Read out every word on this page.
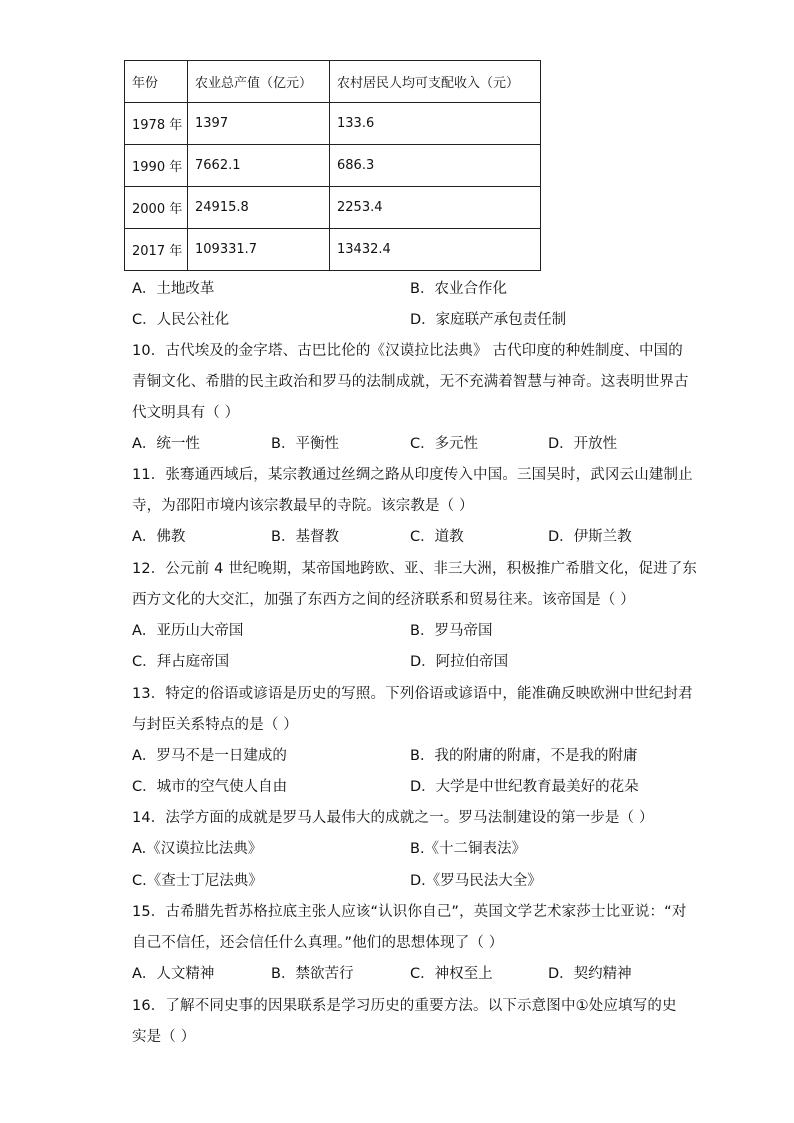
年份	农业总产值（亿元）	农村居民人均可支配收入（元）
1978 年	1397	133.6
1990 年	7662.1	686.3
2000 年	24915.8	2253.4
2017 年	109331.7	13432.4
A．土地改革	B．农业合作化
C．人民公社化	D．家庭联产承包责任制
10．古代埃及的金字塔、古巴比伦的《汉谟拉比法典》 古代印度的种姓制度、中国的
青铜文化、希腊的民主政治和罗马的法制成就，无不充满着智慧与神奇。这表明世界古
代文明具有（ ）
A．统一性	B．平衡性	C．多元性	D．开放性
11．张骞通西域后，某宗教通过丝绸之路从印度传入中国。三国吴时，武冈云山建制止
寺，为邵阳市境内该宗教最早的寺院。该宗教是（ ）
A．佛教	B．基督教	C．道教	D．伊斯兰教
12．公元前 4 世纪晚期，某帝国地跨欧、亚、非三大洲，积极推广希腊文化，促进了东
西方文化的大交汇，加强了东西方之间的经济联系和贸易往来。该帝国是（ ）
A．亚历山大帝国	B．罗马帝国
C．拜占庭帝国	D．阿拉伯帝国
13．特定的俗语或谚语是历史的写照。下列俗语或谚语中，能准确反映欧洲中世纪封君
与封臣关系特点的是（ ）
A．罗马不是一日建成的	B．我的附庸的附庸，不是我的附庸
C．城市的空气使人自由	D．大学是中世纪教育最美好的花朵
14．法学方面的成就是罗马人最伟大的成就之一。罗马法制建设的第一步是（ ）
A.《汉谟拉比法典》	B.《十二铜表法》
C.《查士丁尼法典》	D.《罗马民法大全》
15．古希腊先哲苏格拉底主张人应该“认识你自己”，英国文学艺术家莎士比亚说：“对
自己不信任，还会信任什么真理。”他们的思想体现了（ ）
A．人文精神	B．禁欲苦行	C．神权至上	D．契约精神
16．了解不同史事的因果联系是学习历史的重要方法。以下示意图中①处应填写的史
实是（ ）
